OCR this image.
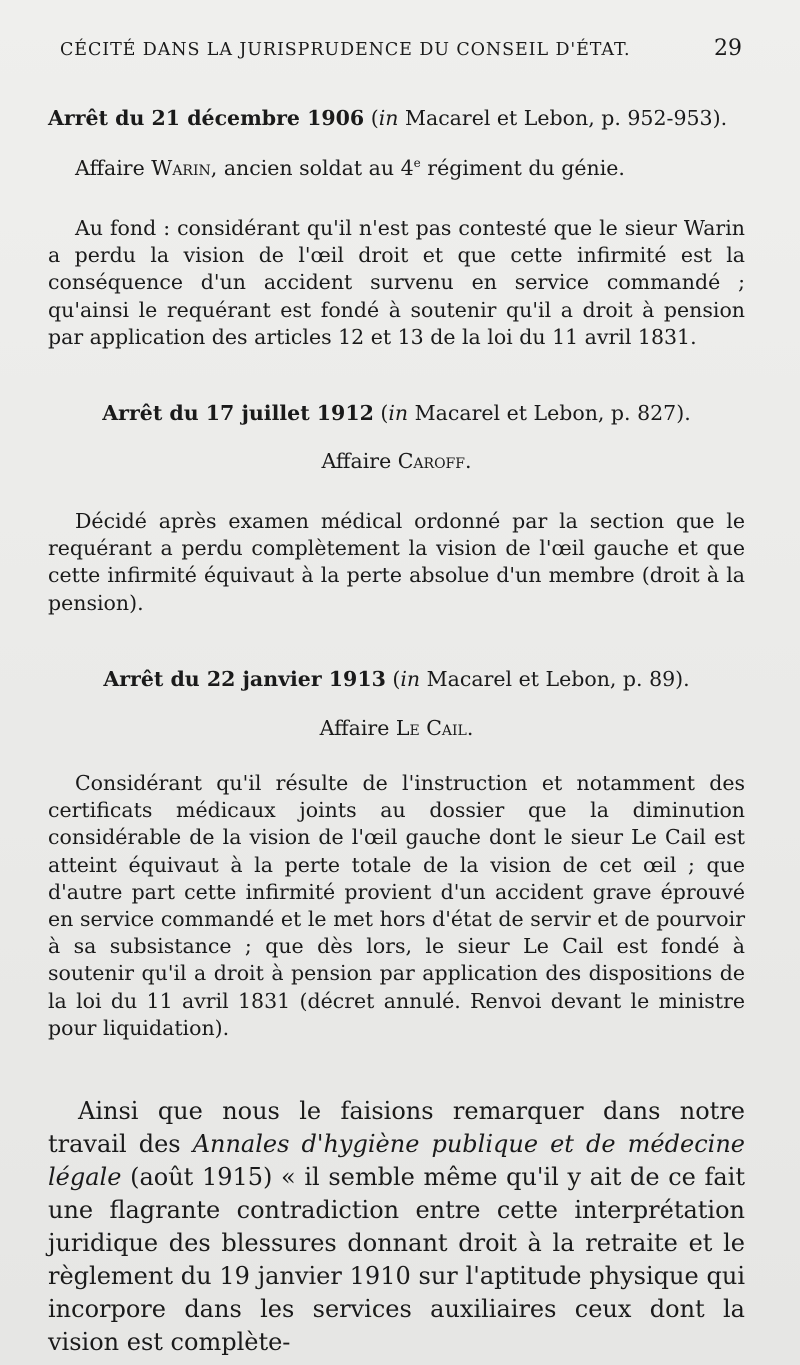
CÉCITÉ DANS LA JURISPRUDENCE DU CONSEIL D'ÉTAT.	29
Arrêt du 21 décembre 1906 (in Macarel et Lebon, p. 952-953).
Affaire Warin, ancien soldat au 4e régiment du génie.
Au fond : considérant qu'il n'est pas contesté que le sieur Warin a perdu la vision de l'œil droit et que cette infirmité est la conséquence d'un accident survenu en service commandé ; qu'ainsi le requérant est fondé à soutenir qu'il a droit à pension par application des articles 12 et 13 de la loi du 11 avril 1831.
Arrêt du 17 juillet 1912 (in Macarel et Lebon, p. 827).
Affaire Caroff.
Décidé après examen médical ordonné par la section que le requérant a perdu complètement la vision de l'œil gauche et que cette infirmité équivaut à la perte absolue d'un membre (droit à la pension).
Arrêt du 22 janvier 1913 (in Macarel et Lebon, p. 89).
Affaire Le Cail.
Considérant qu'il résulte de l'instruction et notamment des certificats médicaux joints au dossier que la diminution considérable de la vision de l'œil gauche dont le sieur Le Cail est atteint équivaut à la perte totale de la vision de cet œil ; que d'autre part cette infirmité provient d'un accident grave éprouvé en service commandé et le met hors d'état de servir et de pourvoir à sa subsistance ; que dès lors, le sieur Le Cail est fondé à soutenir qu'il a droit à pension par application des dispositions de la loi du 11 avril 1831 (décret annulé. Renvoi devant le ministre pour liquidation).
Ainsi que nous le faisions remarquer dans notre travail des Annales d'hygiène publique et de médecine légale (août 1915) « il semble même qu'il y ait de ce fait une flagrante contradiction entre cette interprétation juridique des blessures donnant droit à la retraite et le règlement du 19 janvier 1910 sur l'aptitude physique qui incorpore dans les services auxiliaires ceux dont la vision est complète-
